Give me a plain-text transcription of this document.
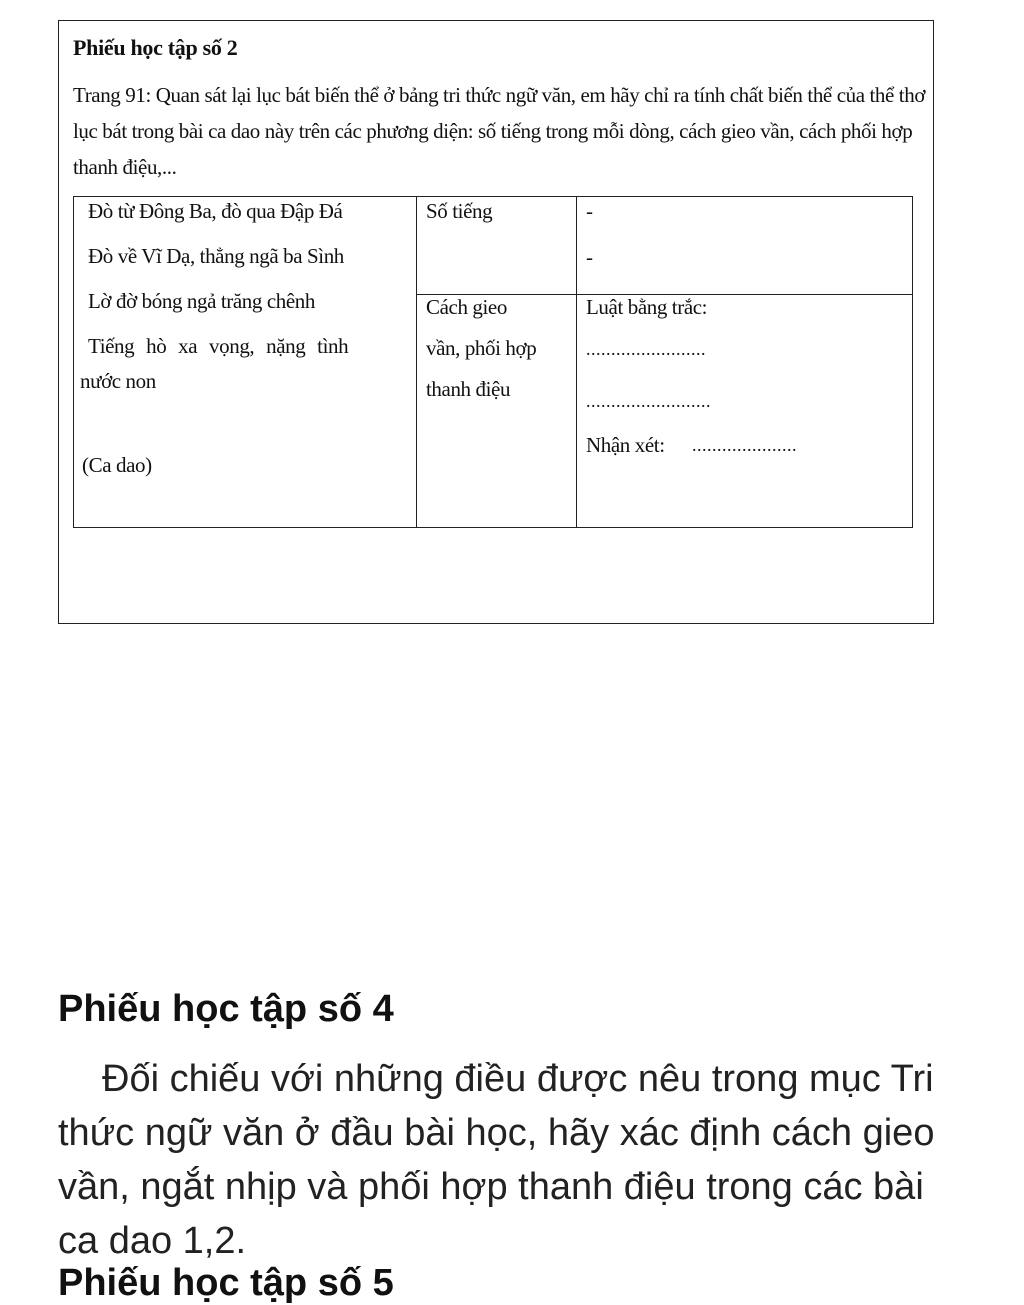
Phiếu học tập số 2
Trang 91: Quan sát lại lục bát biến thể ở bảng tri thức ngữ văn, em hãy chỉ ra tính chất biến thể của thể thơ lục bát trong bài ca dao này trên các phương diện: số tiếng trong mỗi dòng, cách gieo vần, cách phối hợp thanh điệu,...
Đò từ Đông Ba, đò qua Đập Đá
Đò về Vĩ Dạ, thẳng ngã ba Sình
Lờ đờ bóng ngả trăng chênh
Tiếng hò xa vọng, nặng tình
nước non
(Ca dao)
Số tiếng
Cách gieo
vần, phối hợp
thanh điệu
-
-
Luật bằng trắc:
........................
.........................
Nhận xét: .....................
Phiếu học tập số 4

Đối chiếu với những điều được nêu trong mục Tri thức ngữ văn ở đầu bài học, hãy xác định cách gieo vần, ngắt nhịp và phối hợp thanh điệu trong các bài ca dao 1,2.

Phiếu học tập số 5
